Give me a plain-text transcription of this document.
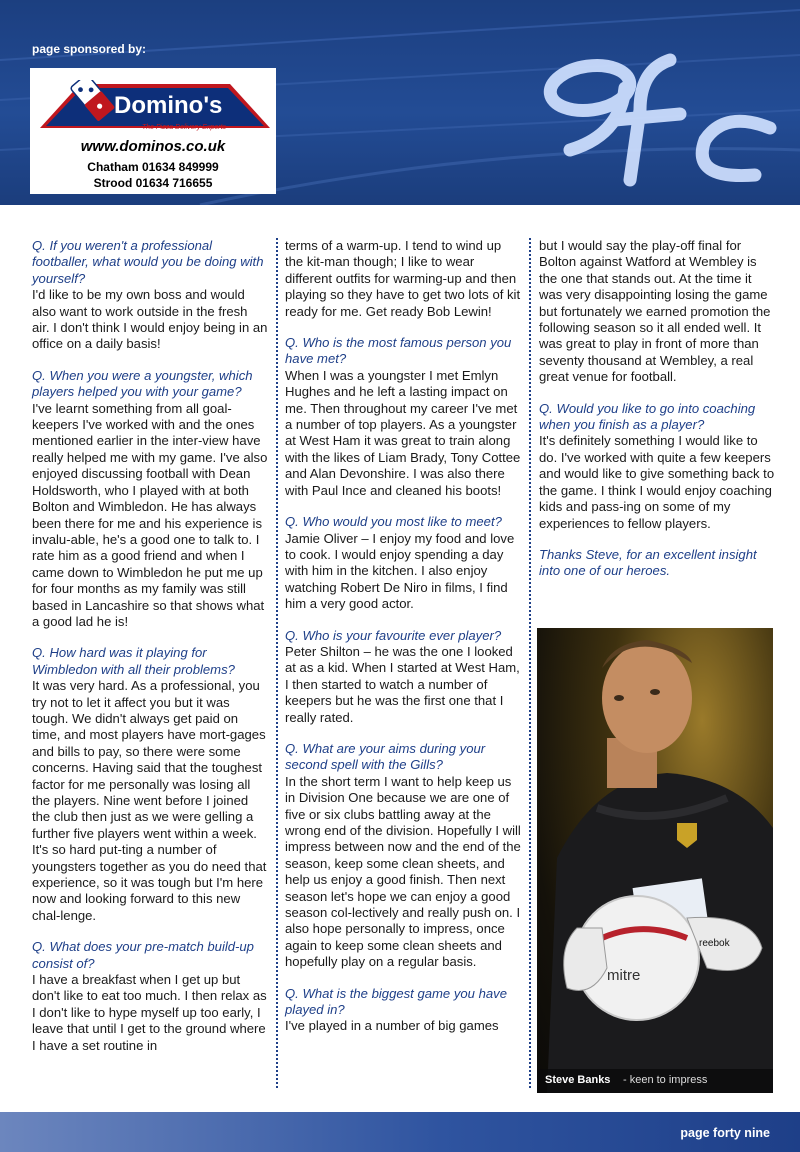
page sponsored by:
Domino's
The Pizza Delivery Experts
www.dominos.co.uk
Chatham 01634 849999
Strood 01634 716655

Q. If you weren't a professional footballer, what would you be doing with yourself?
I'd like to be my own boss and would also want to work outside in the fresh air. I don't think I would enjoy being in an office on a daily basis!

Q. When you were a youngster, which players helped you with your game?
I've learnt something from all goal-keepers I've worked with and the ones mentioned earlier in the inter-view have really helped me with my game. I've also enjoyed discussing football with Dean Holdsworth, who I played with at both Bolton and Wimbledon. He has always been there for me and his experience is invalu-able, he's a good one to talk to. I rate him as a good friend and when I came down to Wimbledon he put me up for four months as my family was still based in Lancashire so that shows what a good lad he is!

Q. How hard was it playing for Wimbledon with all their problems?
It was very hard. As a professional, you try not to let it affect you but it was tough. We didn't always get paid on time, and most players have mort-gages and bills to pay, so there were some concerns. Having said that the toughest factor for me personally was losing all the players. Nine went before I joined the club then just as we were gelling a further five players went within a week. It's so hard put-ting a number of youngsters together as you do need that experience, so it was tough but I'm here now and looking forward to this new chal-lenge.

Q. What does your pre-match build-up consist of?
I have a breakfast when I get up but don't like to eat too much. I then relax as I don't like to hype myself up too early, I leave that until I get to the ground where I have a set routine in

terms of a warm-up. I tend to wind up the kit-man though; I like to wear different outfits for warming-up and then playing so they have to get two lots of kit ready for me. Get ready Bob Lewin!

Q. Who is the most famous person you have met?
When I was a youngster I met Emlyn Hughes and he left a lasting impact on me. Then throughout my career I've met a number of top players. As a youngster at West Ham it was great to train along with the likes of Liam Brady, Tony Cottee and Alan Devonshire. I was also there with Paul Ince and cleaned his boots!

Q. Who would you most like to meet?
Jamie Oliver – I enjoy my food and love to cook. I would enjoy spending a day with him in the kitchen. I also enjoy watching Robert De Niro in films, I find him a very good actor.

Q. Who is your favourite ever player?
Peter Shilton – he was the one I looked at as a kid. When I started at West Ham, I then started to watch a number of keepers but he was the first one that I really rated.

Q. What are your aims during your second spell with the Gills?
In the short term I want to help keep us in Division One because we are one of five or six clubs battling away at the wrong end of the division. Hopefully I will impress between now and the end of the season, keep some clean sheets, and help us enjoy a good finish. Then next season let's hope we can enjoy a good season col-lectively and really push on. I also hope personally to impress, once again to keep some clean sheets and hopefully play on a regular basis.

Q. What is the biggest game you have played in?
I've played in a number of big games

but I would say the play-off final for Bolton against Watford at Wembley is the one that stands out. At the time it was very disappointing losing the game but fortunately we earned promotion the following season so it all ended well. It was great to play in front of more than seventy thousand at Wembley, a real great venue for football.

Q. Would you like to go into coaching when you finish as a player?
It's definitely something I would like to do. I've worked with quite a few keepers and would like to give something back to the game. I think I would enjoy coaching kids and pass-ing on some of my experiences to fellow players.

Thanks Steve, for an excellent insight into one of our heroes.

mitre
reebok
Steve Banks - keen to impress
page forty nine
